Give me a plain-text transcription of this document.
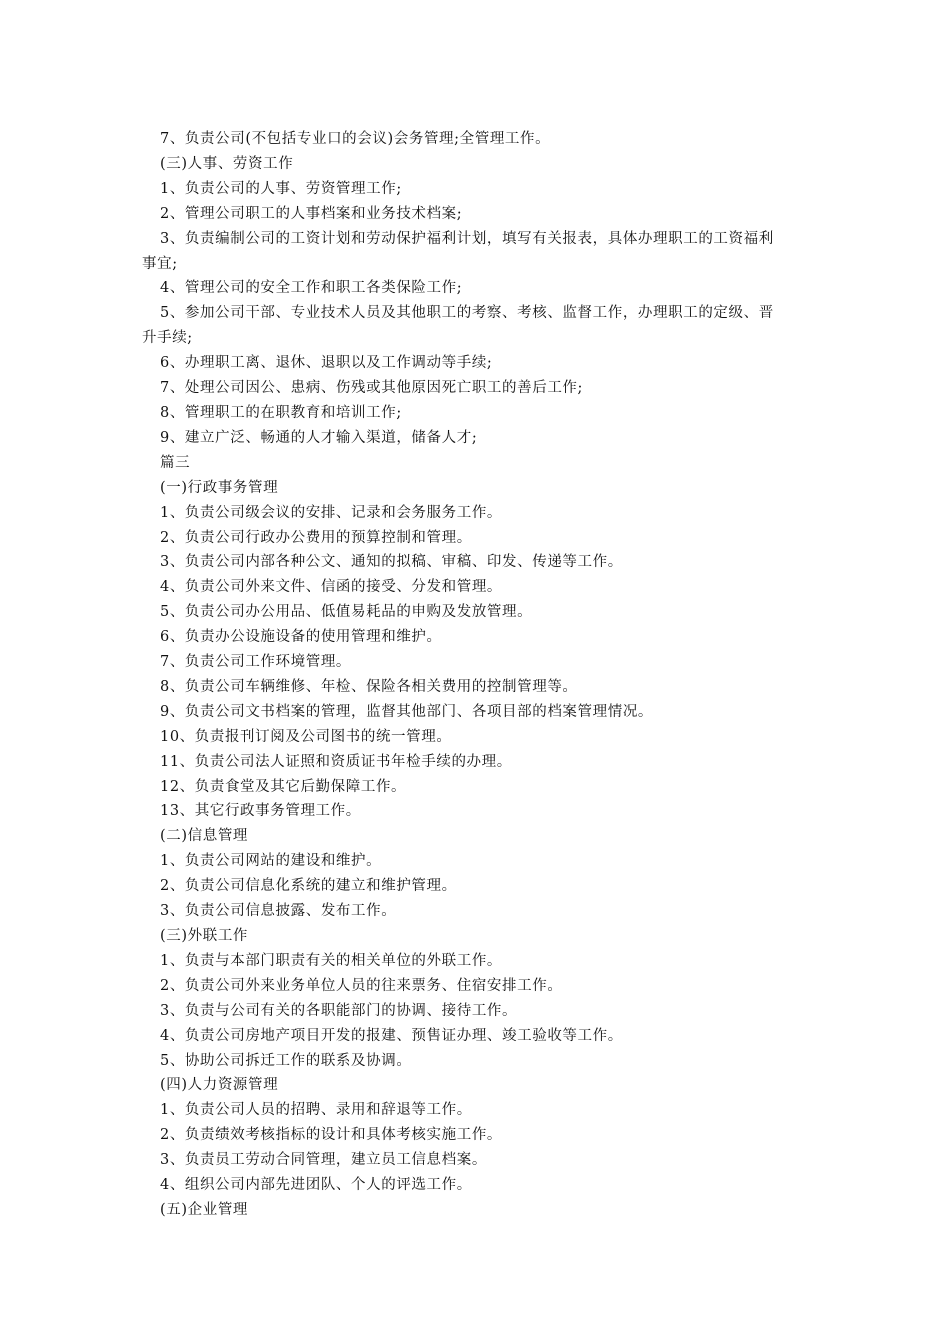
7、负责公司(不包括专业口的会议)会务管理;全管理工作。
(三)人事、劳资工作
1、负责公司的人事、劳资管理工作;
2、管理公司职工的人事档案和业务技术档案;
3、负责编制公司的工资计划和劳动保护福利计划，填写有关报表，具体办理职工的工资福利
事宜;
4、管理公司的安全工作和职工各类保险工作;
5、参加公司干部、专业技术人员及其他职工的考察、考核、监督工作，办理职工的定级、晋
升手续;
6、办理职工离、退休、退职以及工作调动等手续;
7、处理公司因公、患病、伤残或其他原因死亡职工的善后工作;
8、管理职工的在职教育和培训工作;
9、建立广泛、畅通的人才输入渠道，储备人才;
篇三
(一)行政事务管理
1、负责公司级会议的安排、记录和会务服务工作。
2、负责公司行政办公费用的预算控制和管理。
3、负责公司内部各种公文、通知的拟稿、审稿、印发、传递等工作。
4、负责公司外来文件、信函的接受、分发和管理。
5、负责公司办公用品、低值易耗品的申购及发放管理。
6、负责办公设施设备的使用管理和维护。
7、负责公司工作环境管理。
8、负责公司车辆维修、年检、保险各相关费用的控制管理等。
9、负责公司文书档案的管理，监督其他部门、各项目部的档案管理情况。
10、负责报刊订阅及公司图书的统一管理。
11、负责公司法人证照和资质证书年检手续的办理。
12、负责食堂及其它后勤保障工作。
13、其它行政事务管理工作。
(二)信息管理
1、负责公司网站的建设和维护。
2、负责公司信息化系统的建立和维护管理。
3、负责公司信息披露、发布工作。
(三)外联工作
1、负责与本部门职责有关的相关单位的外联工作。
2、负责公司外来业务单位人员的往来票务、住宿安排工作。
3、负责与公司有关的各职能部门的协调、接待工作。
4、负责公司房地产项目开发的报建、预售证办理、竣工验收等工作。
5、协助公司拆迁工作的联系及协调。
(四)人力资源管理
1、负责公司人员的招聘、录用和辞退等工作。
2、负责绩效考核指标的设计和具体考核实施工作。
3、负责员工劳动合同管理，建立员工信息档案。
4、组织公司内部先进团队、个人的评选工作。
(五)企业管理
